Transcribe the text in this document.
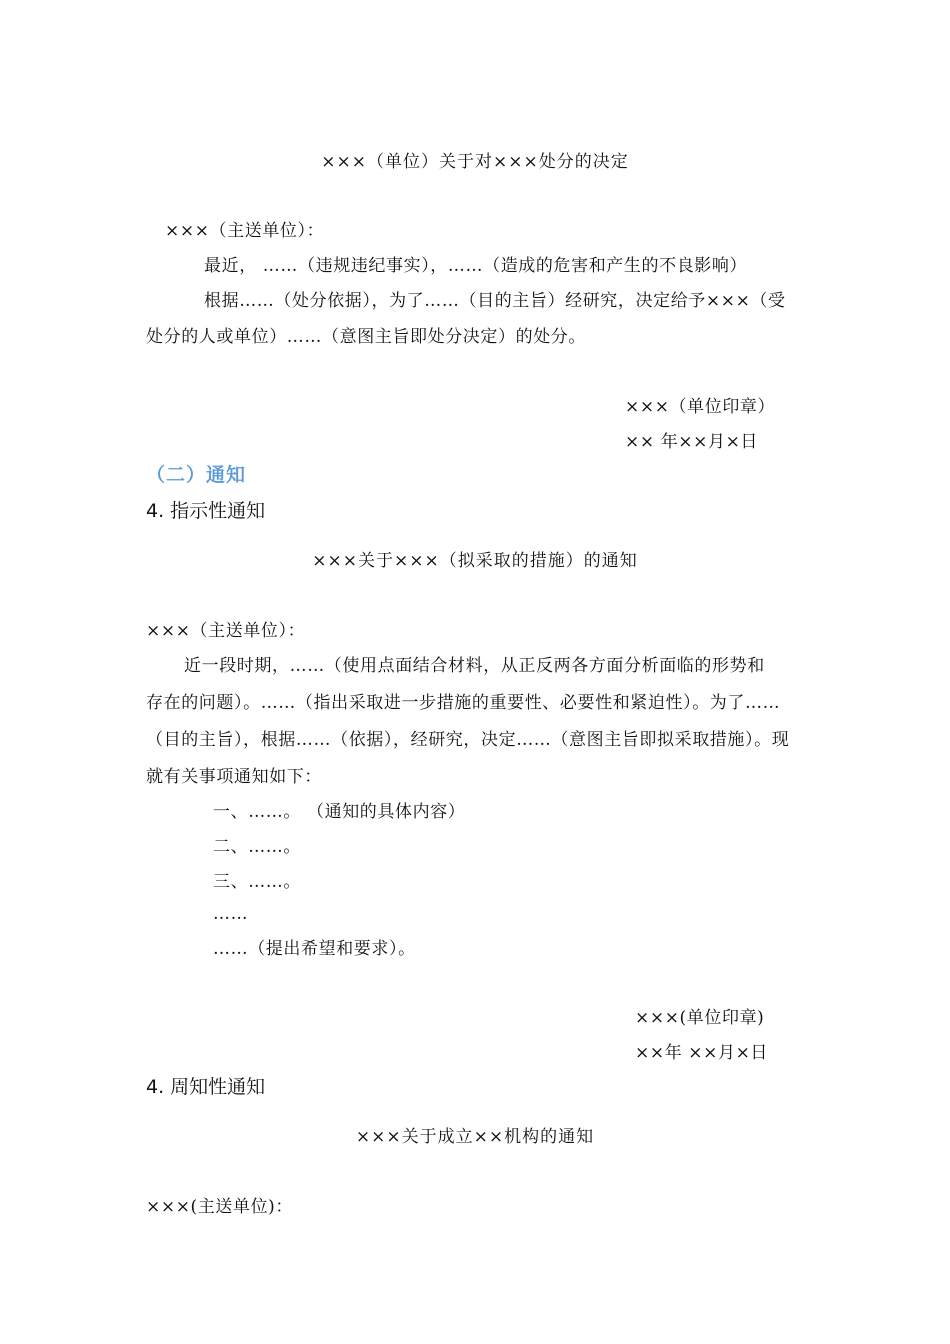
×××（单位）关于对×××处分的决定

×××（主送单位）：

最近， ……（违规违纪事实），……（造成的危害和产生的不良影响）

根据……（处分依据），为了……（目的主旨）经研究，决定给予×××（受

处分的人或单位）……（意图主旨即处分决定）的处分。

×××（单位印章）

×× 年××月×日

（二）通知

4. 指示性通知

×××关于×××（拟采取的措施）的通知

×××（主送单位）：

近一段时期，……（使用点面结合材料，从正反两各方面分析面临的形势和

存在的问题）。……（指出采取进一步措施的重要性、必要性和紧迫性）。为了……

（目的主旨），根据……（依据），经研究，决定……（意图主旨即拟采取措施）。现

就有关事项通知如下：

一、……。 （通知的具体内容）

二、……。

三、……。

……

……（提出希望和要求）。

×××(单位印章)

××年 ××月×日

4. 周知性通知

×××关于成立××机构的通知

×××(主送单位)：
